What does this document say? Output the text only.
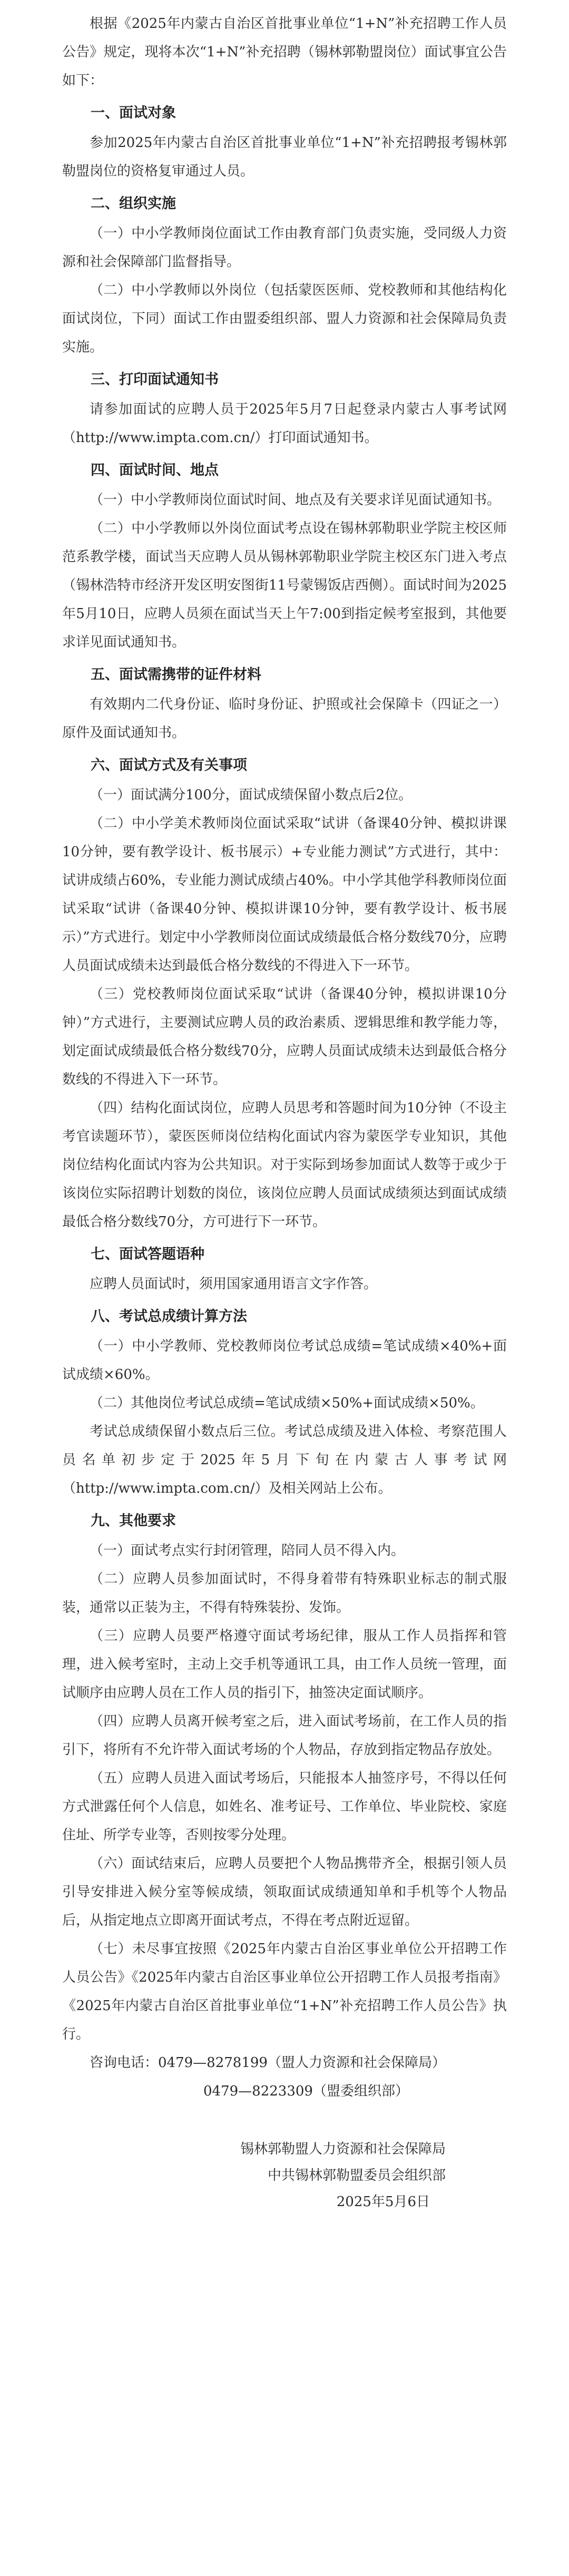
根据《2025年内蒙古自治区首批事业单位“1+N”补充招聘工作人员公告》规定，现将本次“1+N”补充招聘（锡林郭勒盟岗位）面试事宜公告如下：

一、面试对象

参加2025年内蒙古自治区首批事业单位“1+N”补充招聘报考锡林郭勒盟岗位的资格复审通过人员。

二、组织实施

（一）中小学教师岗位面试工作由教育部门负责实施，受同级人力资源和社会保障部门监督指导。

（二）中小学教师以外岗位（包括蒙医医师、党校教师和其他结构化面试岗位，下同）面试工作由盟委组织部、盟人力资源和社会保障局负责实施。

三、打印面试通知书

请参加面试的应聘人员于2025年5月7日起登录内蒙古人事考试网（http://www.impta.com.cn/）打印面试通知书。

四、面试时间、地点

（一）中小学教师岗位面试时间、地点及有关要求详见面试通知书。

（二）中小学教师以外岗位面试考点设在锡林郭勒职业学院主校区师范系教学楼，面试当天应聘人员从锡林郭勒职业学院主校区东门进入考点（锡林浩特市经济开发区明安图街11号蒙锡饭店西侧）。面试时间为2025年5月10日，应聘人员须在面试当天上午7:00到指定候考室报到，其他要求详见面试通知书。

五、面试需携带的证件材料

有效期内二代身份证、临时身份证、护照或社会保障卡（四证之一）原件及面试通知书。

六、面试方式及有关事项

（一）面试满分100分，面试成绩保留小数点后2位。

（二）中小学美术教师岗位面试采取“试讲（备课40分钟、模拟讲课10分钟，要有教学设计、板书展示）+专业能力测试”方式进行，其中：试讲成绩占60%，专业能力测试成绩占40%。中小学其他学科教师岗位面试采取“试讲（备课40分钟、模拟讲课10分钟，要有教学设计、板书展示）”方式进行。划定中小学教师岗位面试成绩最低合格分数线70分，应聘人员面试成绩未达到最低合格分数线的不得进入下一环节。

（三）党校教师岗位面试采取“试讲（备课40分钟，模拟讲课10分钟）”方式进行，主要测试应聘人员的政治素质、逻辑思维和教学能力等，划定面试成绩最低合格分数线70分，应聘人员面试成绩未达到最低合格分数线的不得进入下一环节。

（四）结构化面试岗位，应聘人员思考和答题时间为10分钟（不设主考官读题环节），蒙医医师岗位结构化面试内容为蒙医学专业知识，其他岗位结构化面试内容为公共知识。对于实际到场参加面试人数等于或少于该岗位实际招聘计划数的岗位，该岗位应聘人员面试成绩须达到面试成绩最低合格分数线70分，方可进行下一环节。

七、面试答题语种

应聘人员面试时，须用国家通用语言文字作答。

八、考试总成绩计算方法

（一）中小学教师、党校教师岗位考试总成绩=笔试成绩×40%+面试成绩×60%。

（二）其他岗位考试总成绩=笔试成绩×50%+面试成绩×50%。

考试总成绩保留小数点后三位。考试总成绩及进入体检、考察范围人员名单初步定于2025年5月下旬在内蒙古人事考试网（http://www.impta.com.cn/）及相关网站上公布。

九、其他要求

（一）面试考点实行封闭管理，陪同人员不得入内。

（二）应聘人员参加面试时，不得身着带有特殊职业标志的制式服装，通常以正装为主，不得有特殊装扮、发饰。

（三）应聘人员要严格遵守面试考场纪律，服从工作人员指挥和管理，进入候考室时，主动上交手机等通讯工具，由工作人员统一管理，面试顺序由应聘人员在工作人员的指引下，抽签决定面试顺序。

（四）应聘人员离开候考室之后，进入面试考场前，在工作人员的指引下，将所有不允许带入面试考场的个人物品，存放到指定物品存放处。

（五）应聘人员进入面试考场后，只能报本人抽签序号，不得以任何方式泄露任何个人信息，如姓名、准考证号、工作单位、毕业院校、家庭住址、所学专业等，否则按零分处理。

（六）面试结束后，应聘人员要把个人物品携带齐全，根据引领人员引导安排进入候分室等候成绩，领取面试成绩通知单和手机等个人物品后，从指定地点立即离开面试考点，不得在考点附近逗留。

（七）未尽事宜按照《2025年内蒙古自治区事业单位公开招聘工作人员公告》《2025年内蒙古自治区事业单位公开招聘工作人员报考指南》《2025年内蒙古自治区首批事业单位“1+N”补充招聘工作人员公告》执行。

咨询电话：0479—8278199（盟人力资源和社会保障局）

0479—8223309（盟委组织部）

锡林郭勒盟人力资源和社会保障局

中共锡林郭勒盟委员会组织部

2025年5月6日
